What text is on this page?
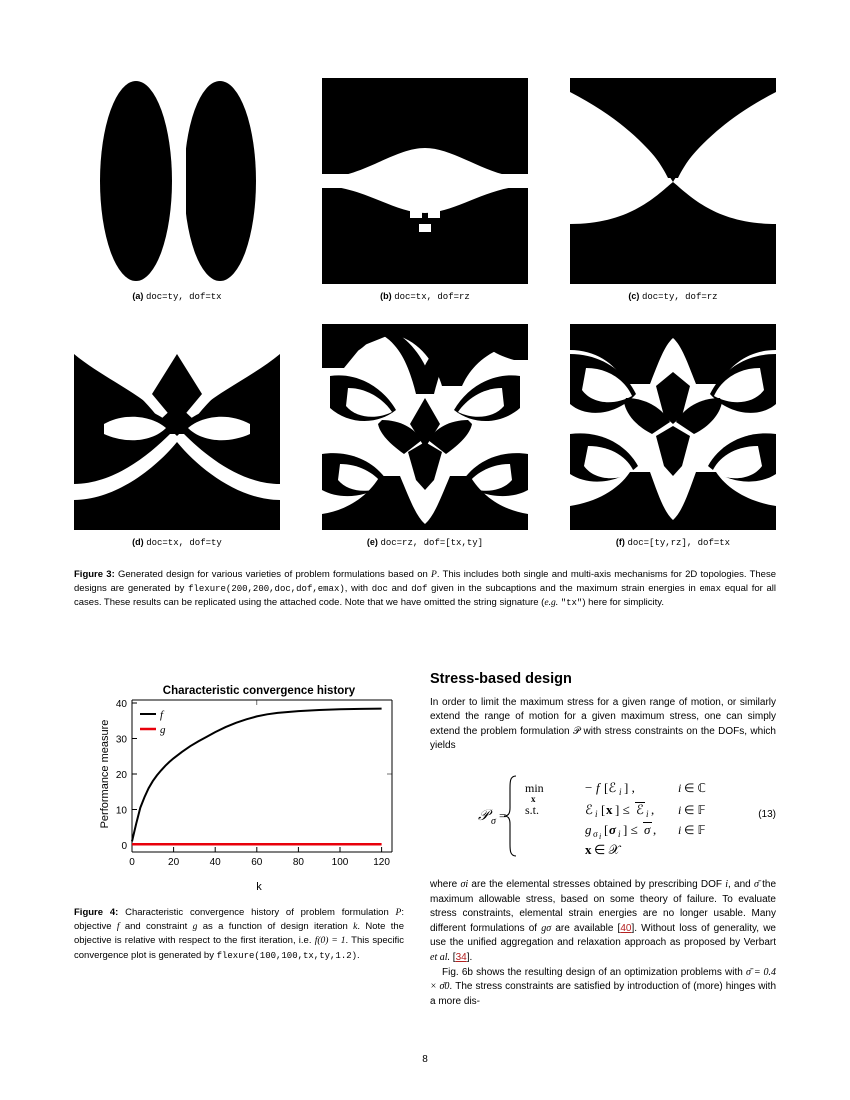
(a) doc=ty, dof=tx	(b) doc=tx, dof=rz	(c) doc=ty, dof=rz
(d) doc=tx, dof=ty	(e) doc=rz, dof=[tx,ty]	(f) doc=[ty,rz], dof=tx
Figure 3: Generated design for various varieties of problem formulations based on P. This includes both single and multi-axis mechanisms for 2D topologies. These designs are generated by flexure(200,200,doc,dof,emax), with doc and dof given in the subcaptions and the maximum strain energies in emax equal for all cases. These results can be replicated using the attached code. Note that we have omitted the string signature (e.g. "tx") here for simplicity.
Characteristic convergence history
Performance measure
k
0	20	40	60	80	100 120
0
10
20
30
40
f
g
Figure 4: Characteristic convergence history of problem formulation P: objective f and constraint g as a function of design iteration k. Note the objective is relative with respect to the first iteration, i.e. f(0) = 1. This specific convergence plot is generated by flexure(100,100,tx,ty,1.2).
Stress-based design

In order to limit the maximum stress for a given range of motion, or similarly extend the range of motion for a given maximum stress, one can simply extend the problem formulation 𝒫 with stress constraints on the DOFs, which yields

𝒫 σ =
min
x
s.t.
− f [ℰ i ] ,
ℰ i [ x ] ≤ ℰ i ,
g σ i [ σ i ] ≤ σ ,
x ∈ 𝒳
i ∈ ℂ
i ∈ 𝔽
i ∈ 𝔽
(13)

where σi are the elemental stresses obtained by prescribing DOF i, and σ̄ the maximum allowable stress, based on some theory of failure. To evaluate stress constraints, elemental strain energies are no longer usable. Many different formulations of gσ are available [40]. Without loss of generality, we use the unified aggregation and relaxation approach as proposed by Verbart et al. [34].

Fig. 6b shows the resulting design of an optimization problems with σ̄ = 0.4 × σ̄0. The stress constraints are satisfied by introduction of (more) hinges with a more dis-

8
